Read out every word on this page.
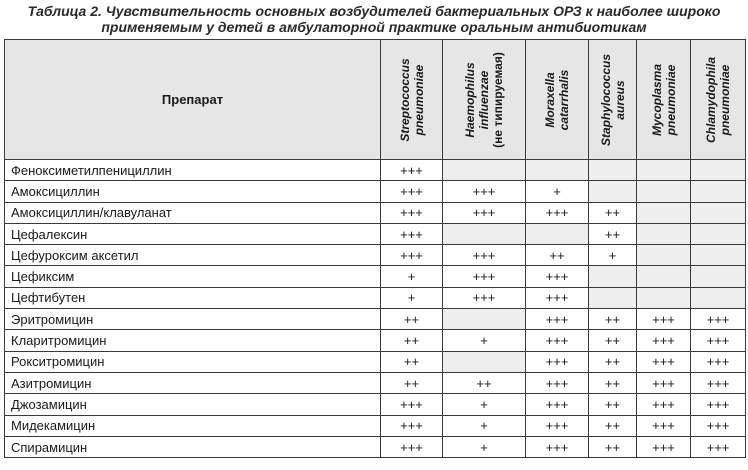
Таблица 2. Чувствительность основных возбудителей бактериальных ОРЗ к наиболее широко
применяемым у детей в амбулаторной практике оральным антибиотикам
Препарат	Streptococcus pneumoniae	Haemophilus influenzae (не типируемая)	Moraxella catarrhalis	Staphylococcus aureus	Mycoplasma pneumoniae	Chlamydophila pneumoniae

Феноксиметилпенициллин	+++					
Амоксициллин	+++	+++	+			
Амоксициллин/клавуланат	+++	+++	+++	++		
Цефалексин	+++			++		
Цефуроксим аксетил	+++	+++	++	+		
Цефиксим	+	+++	+++			
Цефтибутен	+	+++	+++			
Эритромицин	++		+++	++	+++	+++
Кларитромицин	++	+	+++	++	+++	+++
Рокситромицин	++		+++	++	+++	+++
Азитромицин	++	++	+++	++	+++	+++
Джозамицин	+++	+	+++	++	+++	+++
Мидекамицин	+++	+	+++	++	+++	+++
Спирамицин	+++	+	+++	++	+++	+++
